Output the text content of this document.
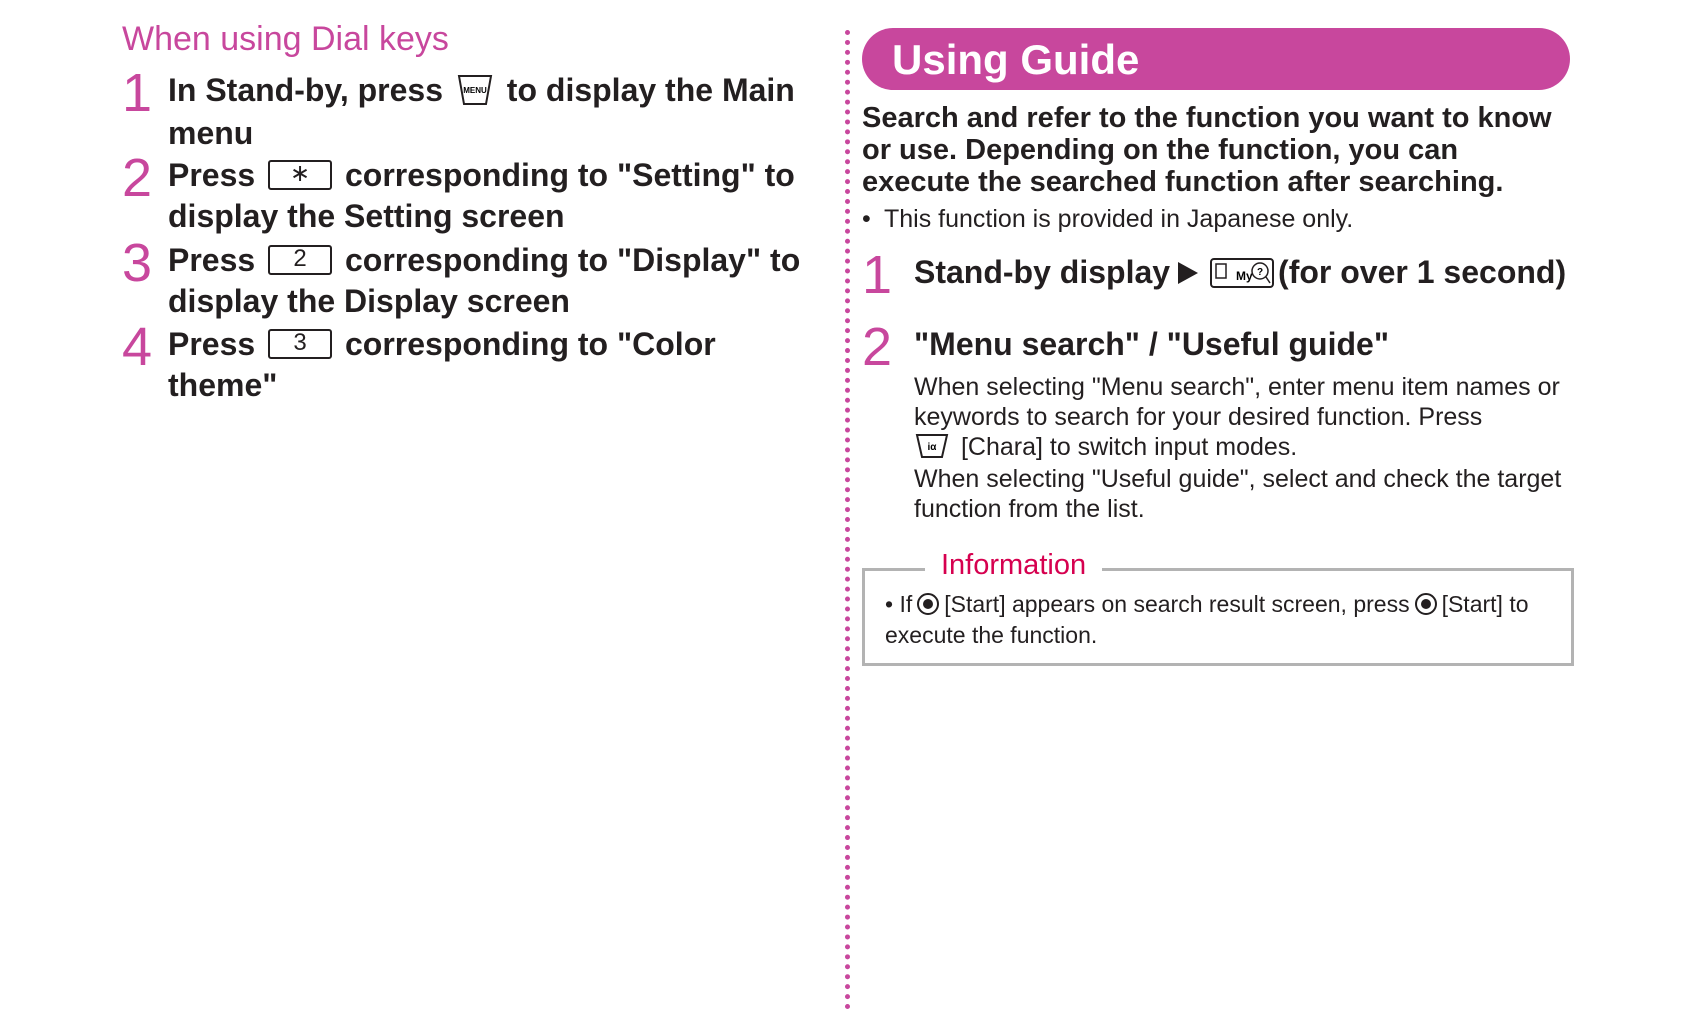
When using Dial keys
1 In Stand-by, press	MENU to display the Main menu
2 Press ∗ corresponding to "Setting" to display the Setting screen
3 Press 2 corresponding to "Display" to display the Display screen
4 Press 3 corresponding to "Color theme"
Using Guide
Search and refer to the function you want to know or use. Depending on the function, you can execute the searched function after searching.
• This function is provided in Japanese only.
1 Stand-by display	My ? (for over 1 second)
2 "Menu search" / "Useful guide"
When selecting "Menu search", enter menu item names or keywords to search for your desired function. Press

iα [Chara] to switch input modes.
When selecting "Useful guide", select and check the target function from the list.
Information
• If [Start] appears on search result screen, press [Start] to execute the function.
